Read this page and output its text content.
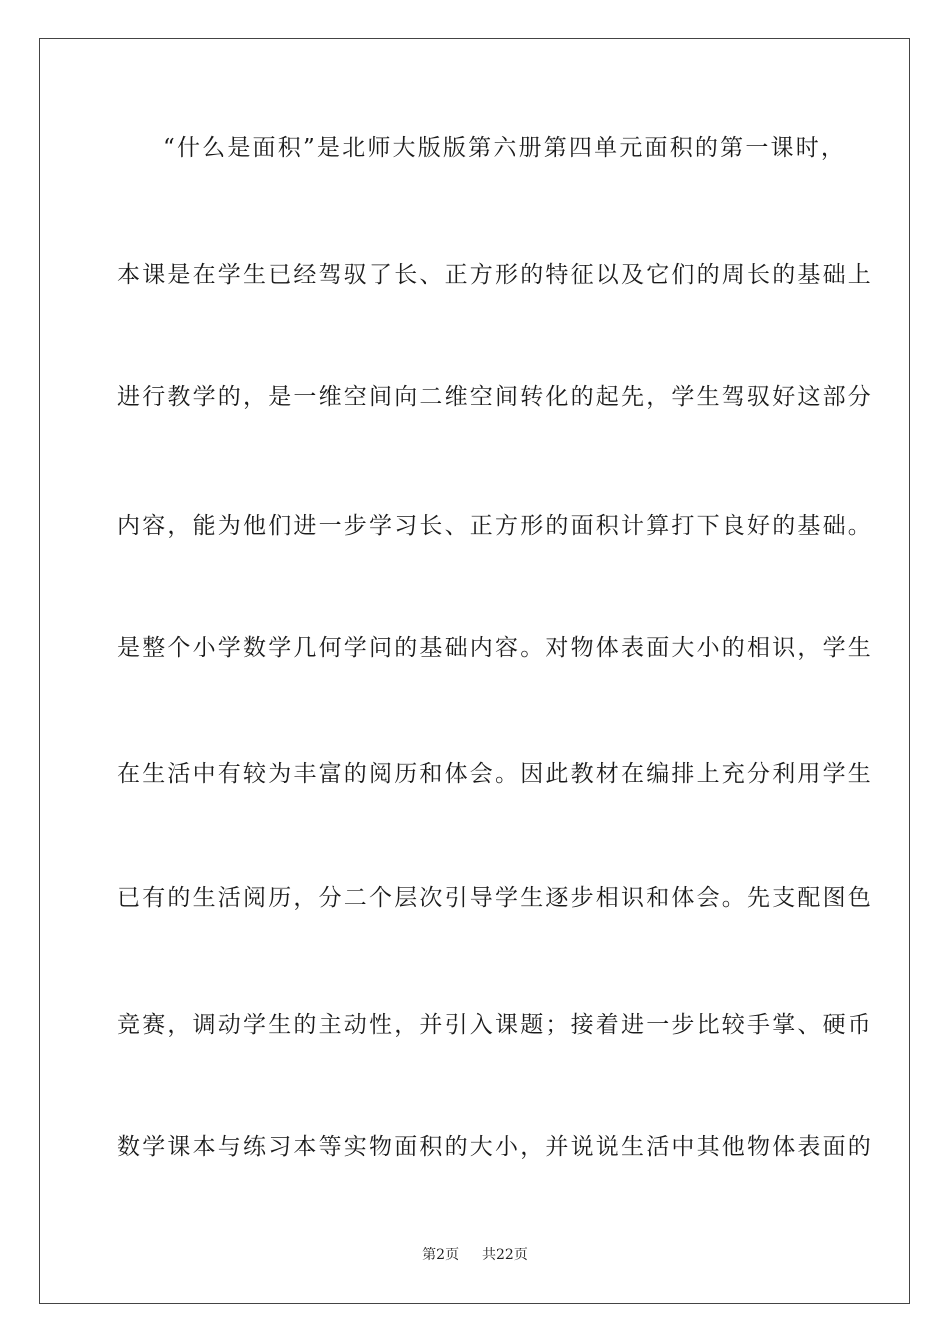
“什么是面积”是北师大版版第六册第四单元面积的第一课时，
本课是在学生已经驾驭了长、正方形的特征以及它们的周长的基础上
进行教学的，是一维空间向二维空间转化的起先，学生驾驭好这部分
内容，能为他们进一步学习长、正方形的面积计算打下良好的基础。
是整个小学数学几何学问的基础内容。对物体表面大小的相识，学生
在生活中有较为丰富的阅历和体会。因此教材在编排上充分利用学生
已有的生活阅历，分二个层次引导学生逐步相识和体会。先支配图色
竞赛，调动学生的主动性，并引入课题；接着进一步比较手掌、硬币
数学课本与练习本等实物面积的大小，并说说生活中其他物体表面的
第2页 共22页
